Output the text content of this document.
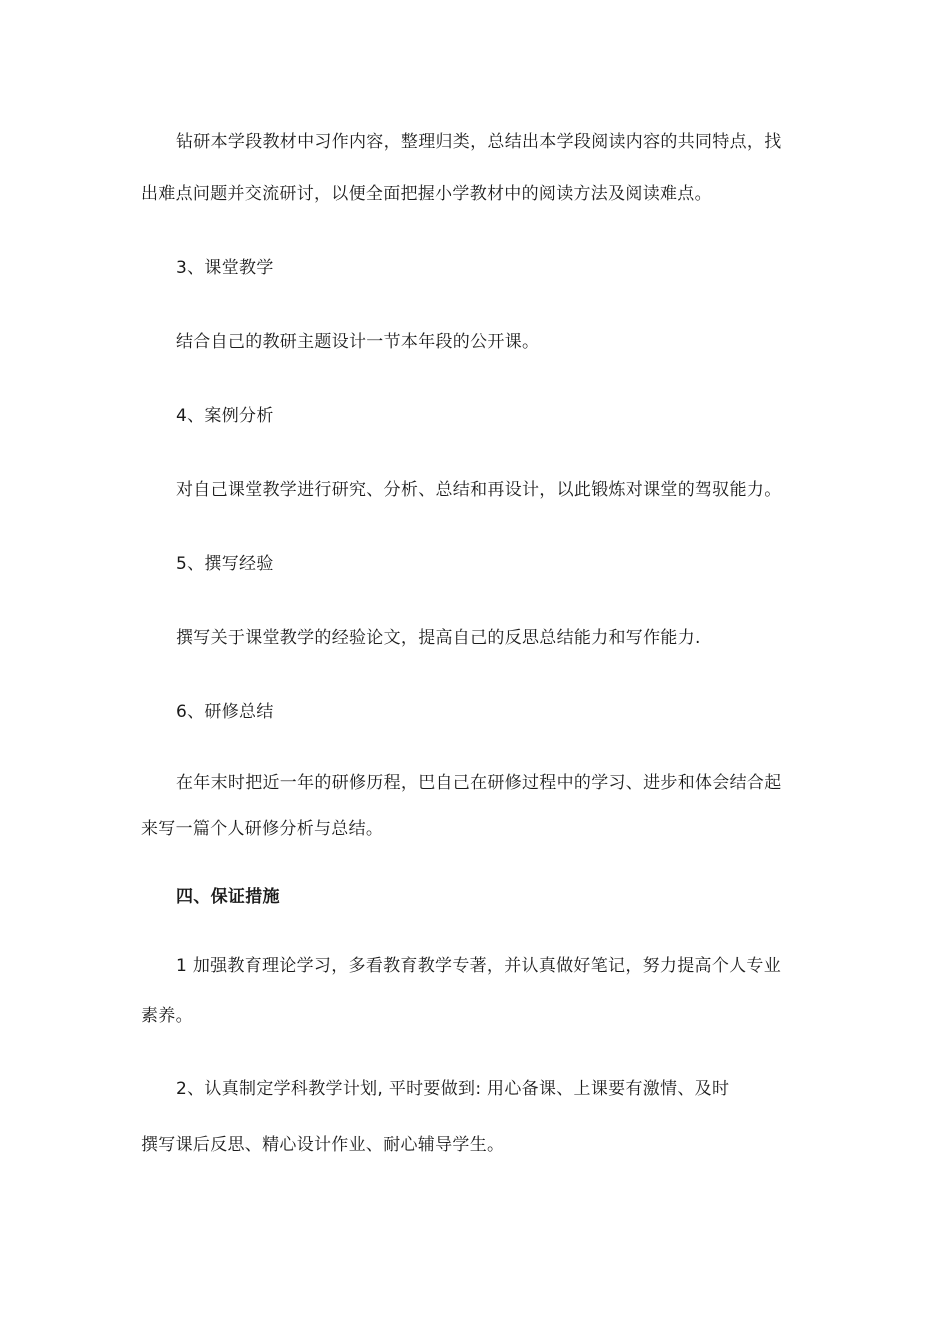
钻研本学段教材中习作内容，整理归类，总结出本学段阅读内容的共同特点，找
出难点问题并交流研讨，以便全面把握小学教材中的阅读方法及阅读难点。
3、课堂教学
结合自己的教研主题设计一节本年段的公开课。
4、案例分析
对自己课堂教学进行研究、分析、总结和再设计，以此锻炼对课堂的驾驭能力。
5、撰写经验
撰写关于课堂教学的经验论文，提高自己的反思总结能力和写作能力.
6、研修总结
在年末时把近一年的研修历程，巴自己在研修过程中的学习、进步和体会结合起
来写一篇个人研修分析与总结。
四、保证措施
1 加强教育理论学习，多看教育教学专著，并认真做好笔记，努力提高个人专业
素养。
2、认真制定学科教学计划, 平时要做到: 用心备课、上课要有激情、及时
撰写课后反思、精心设计作业、耐心辅导学生。
